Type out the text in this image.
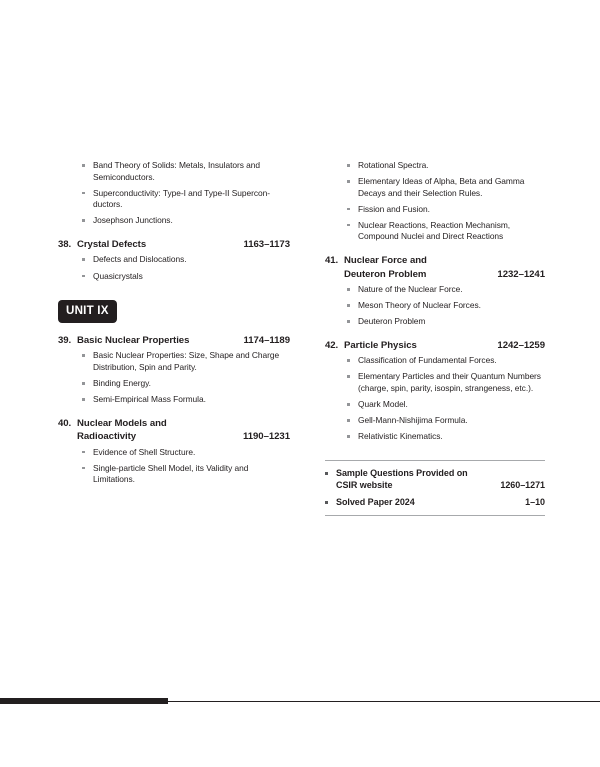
Band Theory of Solids: Metals, Insulators and Semiconductors.
Superconductivity: Type-I and Type-II Supercon-ductors.
Josephson Junctions.
38. Crystal Defects	1163–1173
Defects and Dislocations.
Quasicrystals
UNIT IX
39. Basic Nuclear Properties	1174–1189
Basic Nuclear Properties: Size, Shape and Charge Distribution, Spin and Parity.
Binding Energy.
Semi-Empirical Mass Formula.
40. Nuclear Models and
Radioactivity	1190–1231
Evidence of Shell Structure.
Single-particle Shell Model, its Validity and Limitations.
Rotational Spectra.
Elementary Ideas of Alpha, Beta and Gamma Decays and their Selection Rules.
Fission and Fusion.
Nuclear Reactions, Reaction Mechanism, Compound Nuclei and Direct Reactions
41. Nuclear Force and
Deuteron Problem	1232–1241
Nature of the Nuclear Force.
Meson Theory of Nuclear Forces.
Deuteron Problem
42. Particle Physics	1242–1259
Classification of Fundamental Forces.
Elementary Particles and their Quantum Numbers (charge, spin, parity, isospin, strangeness, etc.).
Quark Model.
Gell-Mann-Nishijima Formula.
Relativistic Kinematics.
Sample Questions Provided on
CSIR website	1260–1271
Solved Paper 2024	1–10
